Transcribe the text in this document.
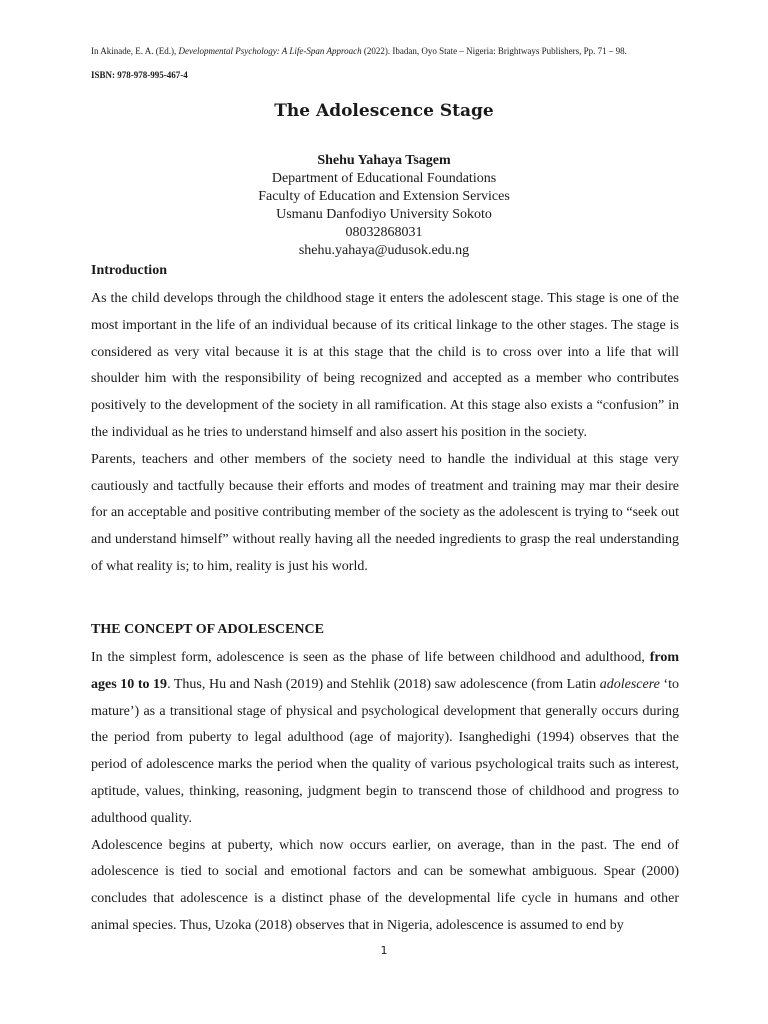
In Akinade, E. A. (Ed.), Developmental Psychology: A Life-Span Approach (2022). Ibadan, Oyo State – Nigeria: Brightways Publishers, Pp. 71 – 98.
ISBN: 978-978-995-467-4
The Adolescence Stage
Shehu Yahaya Tsagem
Department of Educational Foundations
Faculty of Education and Extension Services
Usmanu Danfodiyo University Sokoto
08032868031
shehu.yahaya@udusok.edu.ng
Introduction

As the child develops through the childhood stage it enters the adolescent stage. This stage is one of the most important in the life of an individual because of its critical linkage to the other stages. The stage is considered as very vital because it is at this stage that the child is to cross over into a life that will shoulder him with the responsibility of being recognized and accepted as a member who contributes positively to the development of the society in all ramification. At this stage also exists a “confusion” in the individual as he tries to understand himself and also assert his position in the society.

Parents, teachers and other members of the society need to handle the individual at this stage very cautiously and tactfully because their efforts and modes of treatment and training may mar their desire for an acceptable and positive contributing member of the society as the adolescent is trying to “seek out and understand himself” without really having all the needed ingredients to grasp the real understanding of what reality is; to him, reality is just his world.

THE CONCEPT OF ADOLESCENCE

In the simplest form, adolescence is seen as the phase of life between childhood and adulthood, from ages 10 to 19. Thus, Hu and Nash (2019) and Stehlik (2018) saw adolescence (from Latin adolescere ‘to mature’) as a transitional stage of physical and psychological development that generally occurs during the period from puberty to legal adulthood (age of majority). Isanghedighi (1994) observes that the period of adolescence marks the period when the quality of various psychological traits such as interest, aptitude, values, thinking, reasoning, judgment begin to transcend those of childhood and progress to adulthood quality.

Adolescence begins at puberty, which now occurs earlier, on average, than in the past. The end of adolescence is tied to social and emotional factors and can be somewhat ambiguous. Spear (2000) concludes that adolescence is a distinct phase of the developmental life cycle in humans and other animal species. Thus, Uzoka (2018) observes that in Nigeria, adolescence is assumed to end by

1
